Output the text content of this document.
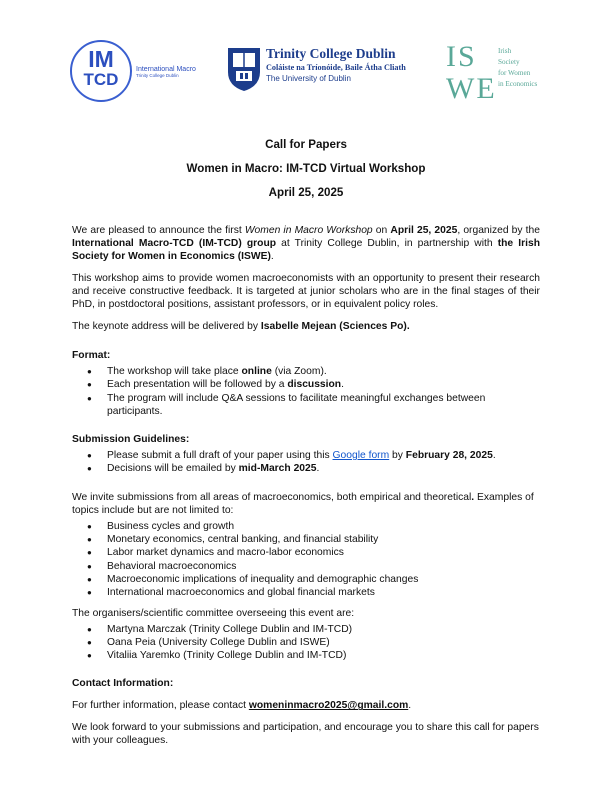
IM
TCD
International Macro
Trinity College Dublin
Trinity College Dublin
Coláiste na Tríonóide, Baile Átha Cliath
The University of Dublin
IS
WE
Irish
Society
for Women
in Economics

Call for Papers

Women in Macro: IM-TCD Virtual Workshop

April 25, 2025

We are pleased to announce the first Women in Macro Workshop on April 25, 2025, organized by the International Macro-TCD (IM-TCD) group at Trinity College Dublin, in partnership with the Irish Society for Women in Economics (ISWE).

This workshop aims to provide women macroeconomists with an opportunity to present their research and receive constructive feedback. It is targeted at junior scholars who are in the final stages of their PhD, in postdoctoral positions, assistant professors, or in equivalent policy roles.

The keynote address will be delivered by Isabelle Mejean (Sciences Po).

Format:

● The workshop will take place online (via Zoom).
● Each presentation will be followed by a discussion.
● The program will include Q&A sessions to facilitate meaningful exchanges between participants.

Submission Guidelines:

● Please submit a full draft of your paper using this Google form by February 28, 2025.
● Decisions will be emailed by mid-March 2025.

We invite submissions from all areas of macroeconomics, both empirical and theoretical. Examples of topics include but are not limited to:

● Business cycles and growth
● Monetary economics, central banking, and financial stability
● Labor market dynamics and macro-labor economics
● Behavioral macroeconomics
● Macroeconomic implications of inequality and demographic changes
● International macroeconomics and global financial markets

The organisers/scientific committee overseeing this event are:

● Martyna Marczak (Trinity College Dublin and IM-TCD)
● Oana Peia (University College Dublin and ISWE)
● Vitaliia Yaremko (Trinity College Dublin and IM-TCD)

Contact Information:

For further information, please contact womeninmacro2025@gmail.com.

We look forward to your submissions and participation, and encourage you to share this call for papers with your colleagues.
